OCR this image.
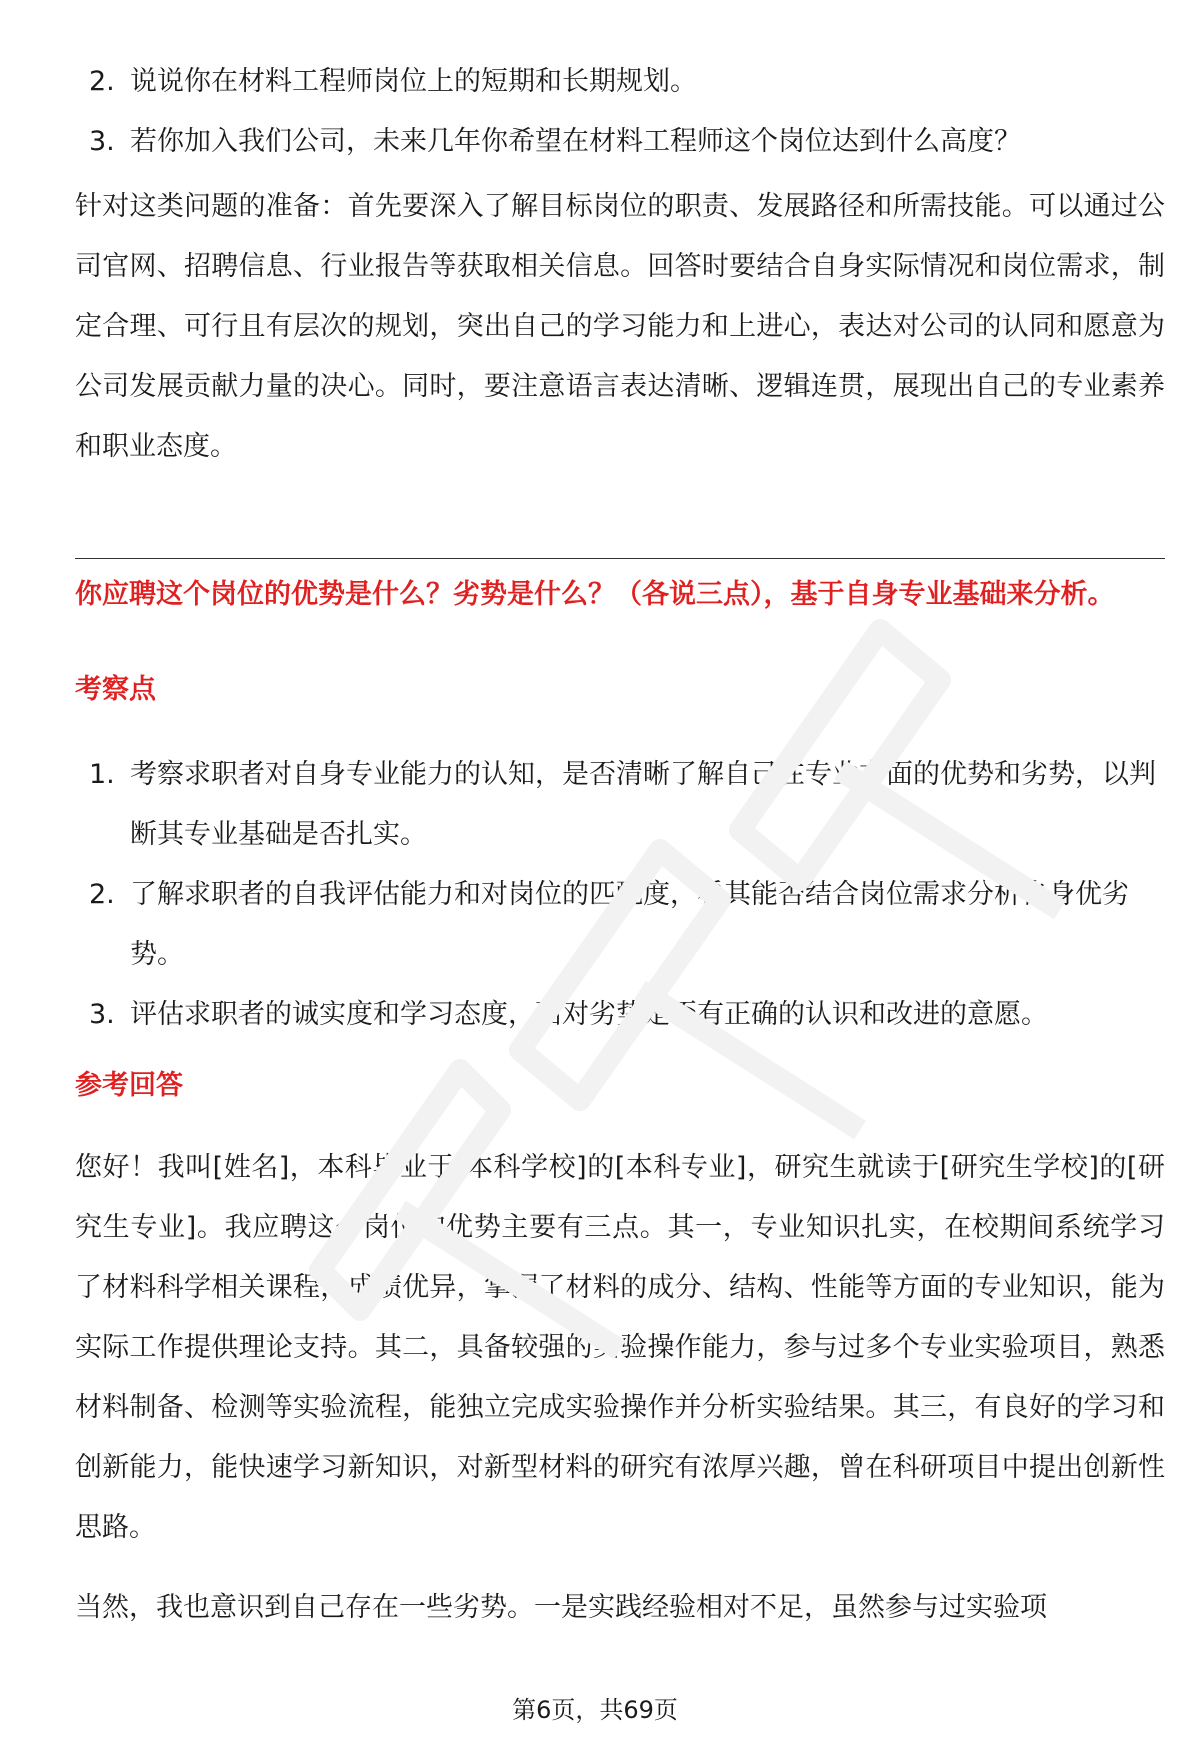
2. 说说你在材料工程师岗位上的短期和长期规划。
3. 若你加入我们公司，未来几年你希望在材料工程师这个岗位达到什么高度？

针对这类问题的准备：首先要深入了解目标岗位的职责、发展路径和所需技能。可以通过公司官网、招聘信息、行业报告等获取相关信息。回答时要结合自身实际情况和岗位需求，制定合理、可行且有层次的规划，突出自己的学习能力和上进心，表达对公司的认同和愿意为公司发展贡献力量的决心。同时，要注意语言表达清晰、逻辑连贯，展现出自己的专业素养和职业态度。

你应聘这个岗位的优势是什么？劣势是什么？（各说三点），基于自身专业基础来分析。

考察点

1. 考察求职者对自身专业能力的认知，是否清晰了解自己在专业方面的优势和劣势，以判断其专业基础是否扎实。
2. 了解求职者的自我评估能力和对岗位的匹配度，看其能否结合岗位需求分析自身优劣势。
3. 评估求职者的诚实度和学习态度，面对劣势是否有正确的认识和改进的意愿。

参考回答

您好！我叫[姓名]，本科毕业于[本科学校]的[本科专业]，研究生就读于[研究生学校]的[研究生专业]。我应聘这个岗位的优势主要有三点。其一，专业知识扎实，在校期间系统学习了材料科学相关课程，成绩优异，掌握了材料的成分、结构、性能等方面的专业知识，能为实际工作提供理论支持。其二，具备较强的实验操作能力，参与过多个专业实验项目，熟悉材料制备、检测等实验流程，能独立完成实验操作并分析实验结果。其三，有良好的学习和创新能力，能快速学习新知识，对新型材料的研究有浓厚兴趣，曾在科研项目中提出创新性思路。

当然，我也意识到自己存在一些劣势。一是实践经验相对不足，虽然参与过实验项

第6页，共69页
